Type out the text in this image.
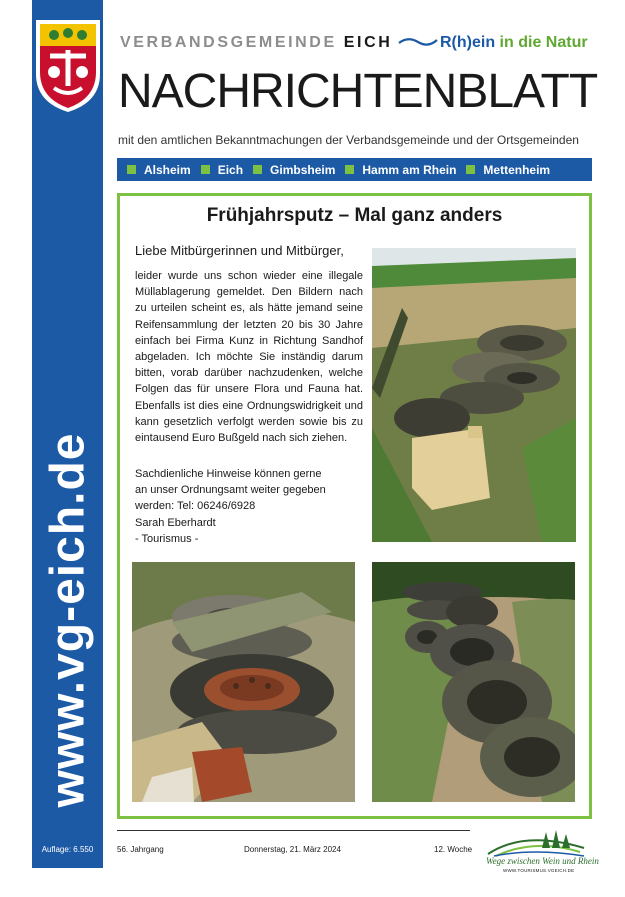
www.vg-eich.de
Auflage: 6.550
VERBANDSGEMEINDE EICH	R(h)ein in die Natur
NACHRICHTENBLATT
mit den amtlichen Bekanntmachungen der Verbandsgemeinde und der Ortsgemeinden
Alsheim Eich Gimbsheim Hamm am Rhein Mettenheim
Frühjahrsputz – Mal ganz anders
Liebe Mitbürgerinnen und Mitbürger,
leider wurde uns schon wieder eine illegale Müllablagerung gemeldet. Den Bildern nach zu urteilen scheint es, als hätte jemand seine Reifensammlung der letzten 20 bis 30 Jahre einfach bei Firma Kunz in Richtung Sandhof abgeladen. Ich möchte Sie inständig darum bitten, vorab darüber nachzudenken, welche Folgen das für unsere Flora und Fauna hat. Ebenfalls ist dies eine Ordnungswidrigkeit und kann gesetzlich verfolgt werden sowie bis zu eintausend Euro Bußgeld nach sich ziehen.
Sachdienliche Hinweise können gerne
an unser Ordnungsamt weiter gegeben
werden: Tel: 06246/6928
Sarah Eberhardt
- Tourismus -
56. Jahrgang	Donnerstag, 21. März 2024	12. Woche
Wege zwischen Wein und Rhein
WWW.TOURISMUS.VGEICH.DE
